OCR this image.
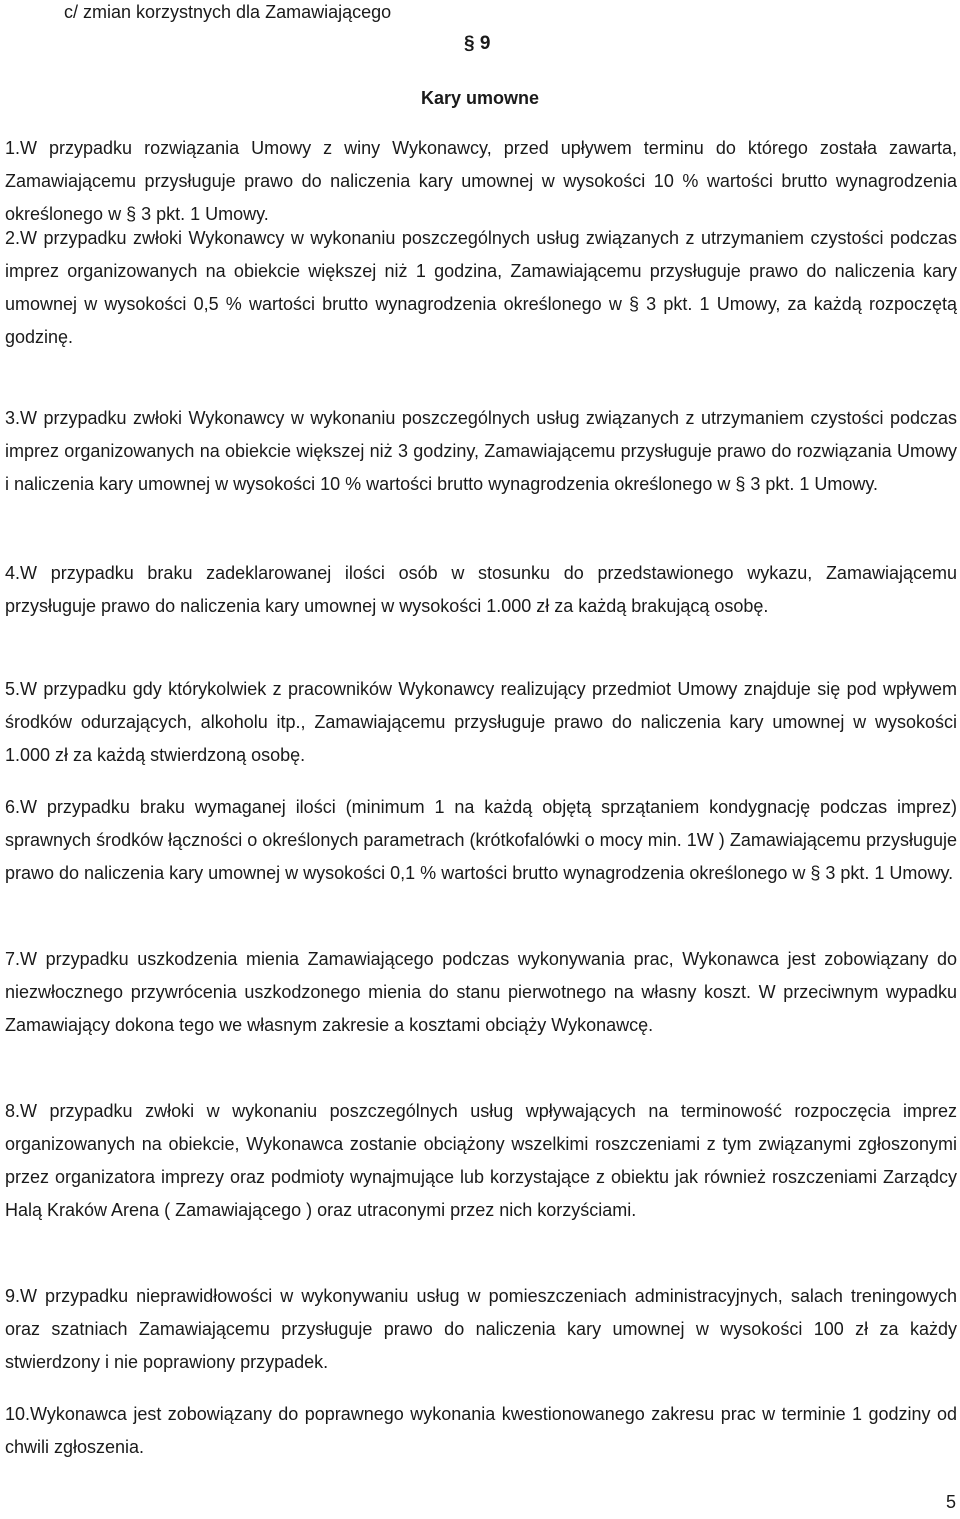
c/ zmian korzystnych dla Zamawiającego
§ 9
Kary umowne

1.W przypadku rozwiązania Umowy z winy Wykonawcy, przed upływem terminu do którego została zawarta, Zamawiającemu przysługuje prawo do naliczenia kary umownej w wysokości 10 % wartości brutto wynagrodzenia określonego w § 3 pkt. 1 Umowy.

2.W przypadku zwłoki Wykonawcy w wykonaniu poszczególnych usług związanych z utrzymaniem czystości podczas imprez organizowanych na obiekcie większej niż 1 godzina, Zamawiającemu przysługuje prawo do naliczenia kary umownej w wysokości 0,5 % wartości brutto wynagrodzenia określonego w § 3 pkt. 1 Umowy, za każdą rozpoczętą godzinę.

3.W przypadku zwłoki Wykonawcy w wykonaniu poszczególnych usług związanych z utrzymaniem czystości podczas imprez organizowanych na obiekcie większej niż 3 godziny, Zamawiającemu przysługuje prawo do rozwiązania Umowy i naliczenia kary umownej w wysokości 10 % wartości brutto wynagrodzenia określonego w § 3 pkt. 1 Umowy.

4.W przypadku braku zadeklarowanej ilości osób w stosunku do przedstawionego wykazu, Zamawiającemu przysługuje prawo do naliczenia kary umownej w wysokości 1.000 zł za każdą brakującą osobę.

5.W przypadku gdy którykolwiek z pracowników Wykonawcy realizujący przedmiot Umowy znajduje się pod wpływem środków odurzających, alkoholu itp., Zamawiającemu przysługuje prawo do naliczenia kary umownej w wysokości 1.000 zł za każdą stwierdzoną osobę.

6.W przypadku braku wymaganej ilości (minimum 1 na każdą objętą sprzątaniem kondygnację podczas imprez) sprawnych środków łączności o określonych parametrach (krótkofalówki o mocy min. 1W ) Zamawiającemu przysługuje prawo do naliczenia kary umownej w wysokości 0,1 % wartości brutto wynagrodzenia określonego w § 3 pkt. 1 Umowy.

7.W przypadku uszkodzenia mienia Zamawiającego podczas wykonywania prac, Wykonawca jest zobowiązany do niezwłocznego przywrócenia uszkodzonego mienia do stanu pierwotnego na własny koszt. W przeciwnym wypadku Zamawiający dokona tego we własnym zakresie a kosztami obciąży Wykonawcę.

8.W przypadku zwłoki w wykonaniu poszczególnych usług wpływających na terminowość rozpoczęcia imprez organizowanych na obiekcie, Wykonawca zostanie obciążony wszelkimi roszczeniami z tym związanymi zgłoszonymi przez organizatora imprezy oraz podmioty wynajmujące lub korzystające z obiektu jak również roszczeniami Zarządcy Halą Kraków Arena ( Zamawiającego ) oraz utraconymi przez nich korzyściami.

9.W przypadku nieprawidłowości w wykonywaniu usług w pomieszczeniach administracyjnych, salach treningowych oraz szatniach Zamawiającemu przysługuje prawo do naliczenia kary umownej w wysokości 100 zł za każdy stwierdzony i nie poprawiony przypadek.

10.Wykonawca jest zobowiązany do poprawnego wykonania kwestionowanego zakresu prac w terminie 1 godziny od chwili zgłoszenia.

5
